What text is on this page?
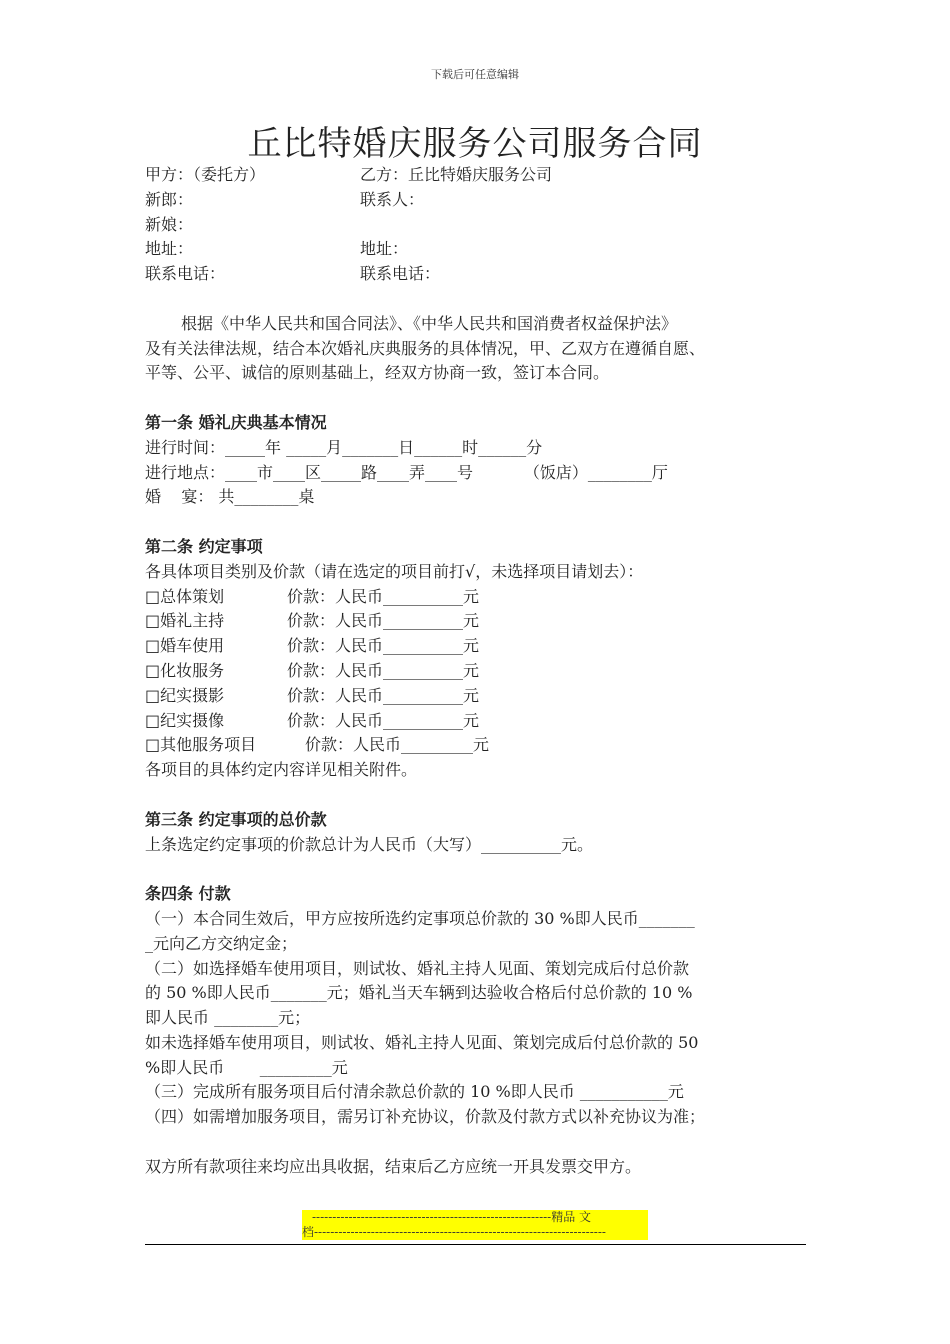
下载后可任意编辑
丘比特婚庆服务公司服务合同
甲方：（委托方）	乙方：丘比特婚庆服务公司
新郎：	联系人：
新娘：
地址：	地址：
联系电话：	联系电话：
根据《中华人民共和国合同法》、《中华人民共和国消费者权益保护法》
及有关法律法规，结合本次婚礼庆典服务的具体情况，甲、乙双方在遵循自愿、
平等、公平、诚信的原则基础上，经双方协商一致，签订本合同。
第一条 婚礼庆典基本情况
进行时间：_____年 _____月_______日______时______分
进行地点：____市____区_____路____弄____号          （饭店）________厅
婚    宴： 共________桌
第二条 约定事项
各具体项目类别及价款（请在选定的项目前打√，未选择项目请划去）：
□总体策划	价款：人民币__________元
□婚礼主持	价款：人民币__________元
□婚车使用	价款：人民币__________元
□化妆服务	价款：人民币__________元
□纪实摄影	价款：人民币__________元
□纪实摄像	价款：人民币__________元
□其他服务项目	价款：人民币_________元
各项目的具体约定内容详见相关附件。
第三条 约定事项的总价款
上条选定约定事项的价款总计为人民币（大写）__________元。
条四条 付款
（一）本合同生效后，甲方应按所选约定事项总价款的 30 %即人民币_______
_元向乙方交纳定金；
（二）如选择婚车使用项目，则试妆、婚礼主持人见面、策划完成后付总价款
的 50 %即人民币_______元；婚礼当天车辆到达验收合格后付总价款的 10 %
即人民币 ________元；
如未选择婚车使用项目，则试妆、婚礼主持人见面、策划完成后付总价款的 50
%即人民币       _________元
（三）完成所有服务项目后付清余款总价款的 10 %即人民币 ___________元
（四）如需增加服务项目，需另订补充协议，价款及付款方式以补充协议为准；
双方所有款项往来均应出具收据，结束后乙方应统一开具发票交甲方。
-----------------------------------------------------------精品 文
档------------------------------------------------------------------------
